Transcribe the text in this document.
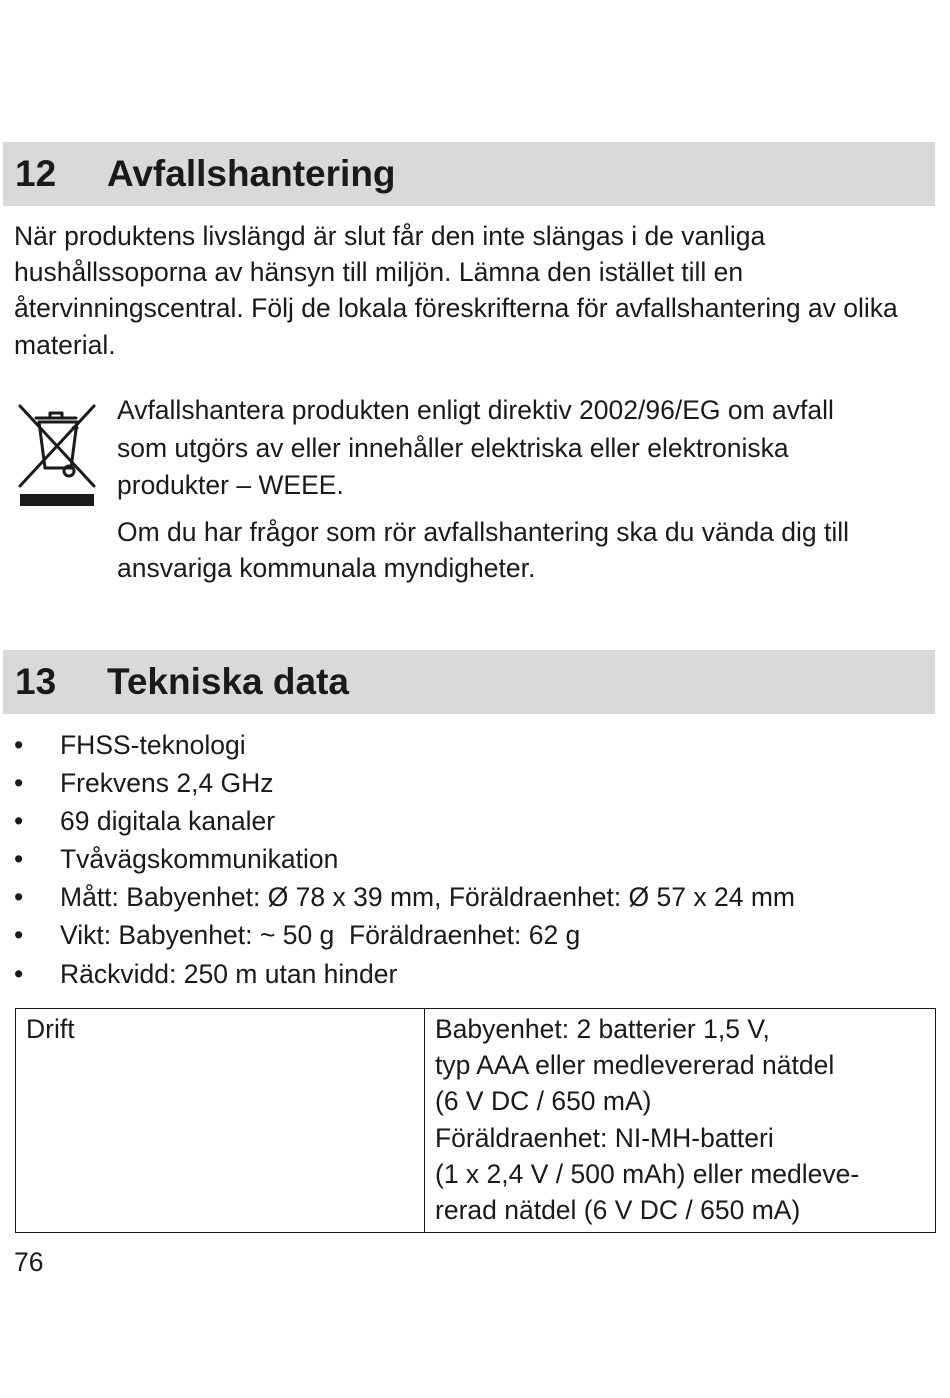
12 Avfallshantering

När produktens livslängd är slut får den inte slängas i de vanliga hushållssoporna av hänsyn till miljön. Lämna den istället till en återvinningscentral. Följ de lokala föreskrifterna för avfallshantering av olika material.

Avfallshantera produkten enligt direktiv 2002/96/EG om avfall
som utgörs av eller innehåller elektriska eller elektroniska
produkter – WEEE.

Om du har frågor som rör avfallshantering ska du vända dig till ansvariga kommunala myndigheter.

13 Tekniska data
• FHSS-teknologi
• Frekvens 2,4 GHz
• 69 digitala kanaler
• Tvåvägskommunikation
• Mått: Babyenhet: Ø 78 x 39 mm, Föräldraenhet: Ø 57 x 24 mm
• Vikt: Babyenhet: ~ 50 g  Föräldraenhet: 62 g
• Räckvidd: 250 m utan hinder
Drift	Babyenhet: 2 batterier 1,5 V,
typ AAA eller medlevererad nätdel
(6 V DC / 650 mA)
Föräldraenhet: NI-MH-batteri
(1 x 2,4 V / 500 mAh) eller medleve-
rerad nätdel (6 V DC / 650 mA)
76
